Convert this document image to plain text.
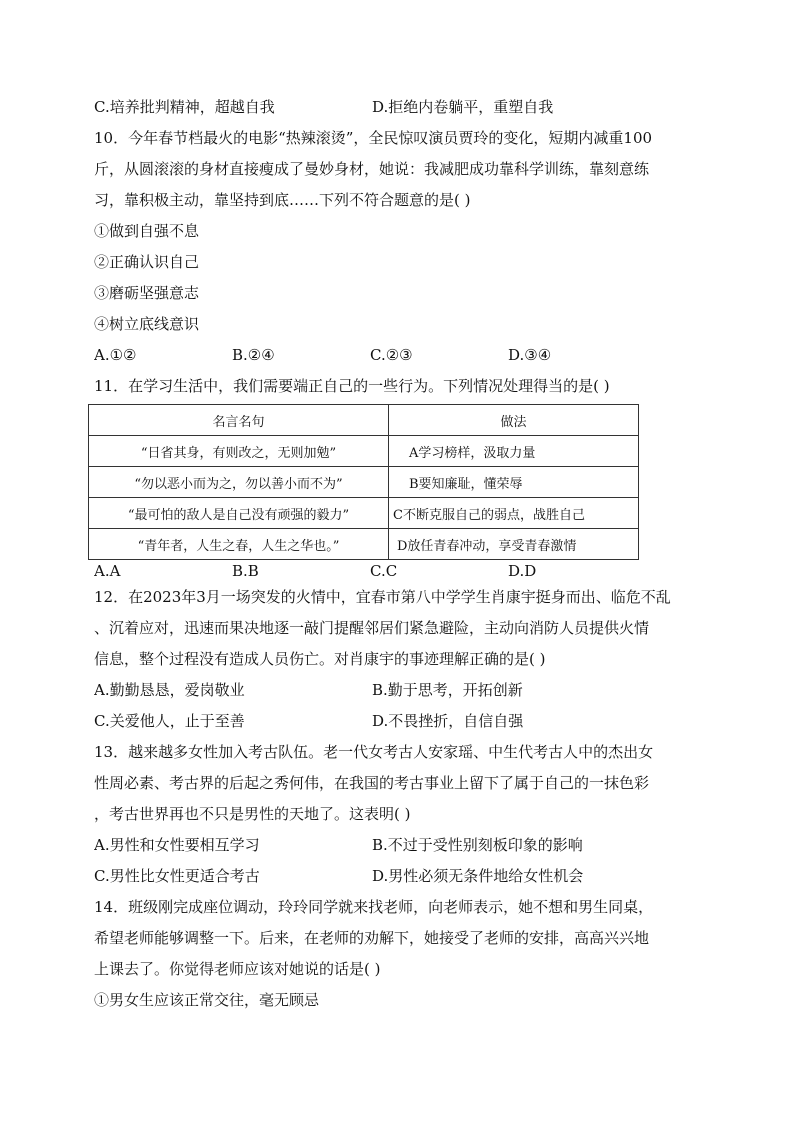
C.培养批判精神，超越自我	D.拒绝内卷躺平，重塑自我
10．今年春节档最火的电影“热辣滚烫”，全民惊叹演员贾玲的变化，短期内减重100
斤，从圆滚滚的身材直接瘦成了曼妙身材，她说：我减肥成功靠科学训练，靠刻意练
习，靠积极主动，靠坚持到底……下列不符合题意的是( )
①做到自强不息
②正确认识自己
③磨砺坚强意志
④树立底线意识
A.①②	B.②④	C.②③	D.③④
11．在学习生活中，我们需要端正自己的一些行为。下列情况处理得当的是( )
名言名句	做法
“日省其身，有则改之，无则加勉”	A学习榜样，汲取力量
“勿以恶小而为之，勿以善小而不为”	B要知廉耻，懂荣辱
“最可怕的敌人是自己没有顽强的毅力”	C不断克服自己的弱点，战胜自己
“青年者，人生之春，人生之华也。”	D放任青春冲动，享受青春激情
A.A	B.B	C.C	D.D
12．在2023年3月一场突发的火情中，宜春市第八中学学生肖康宇挺身而出、临危不乱
、沉着应对，迅速而果决地逐一敲门提醒邻居们紧急避险，主动向消防人员提供火情
信息，整个过程没有造成人员伤亡。对肖康宇的事迹理解正确的是( )
A.勤勤恳恳，爱岗敬业	B.勤于思考，开拓创新
C.关爱他人，止于至善	D.不畏挫折，自信自强
13．越来越多女性加入考古队伍。老一代女考古人安家瑶、中生代考古人中的杰出女
性周必素、考古界的后起之秀何伟，在我国的考古事业上留下了属于自己的一抹色彩
，考古世界再也不只是男性的天地了。这表明( )
A.男性和女性要相互学习	B.不过于受性别刻板印象的影响
C.男性比女性更适合考古	D.男性必须无条件地给女性机会
14．班级刚完成座位调动，玲玲同学就来找老师，向老师表示，她不想和男生同桌，
希望老师能够调整一下。后来，在老师的劝解下，她接受了老师的安排，高高兴兴地
上课去了。你觉得老师应该对她说的话是( )
①男女生应该正常交往，毫无顾忌
